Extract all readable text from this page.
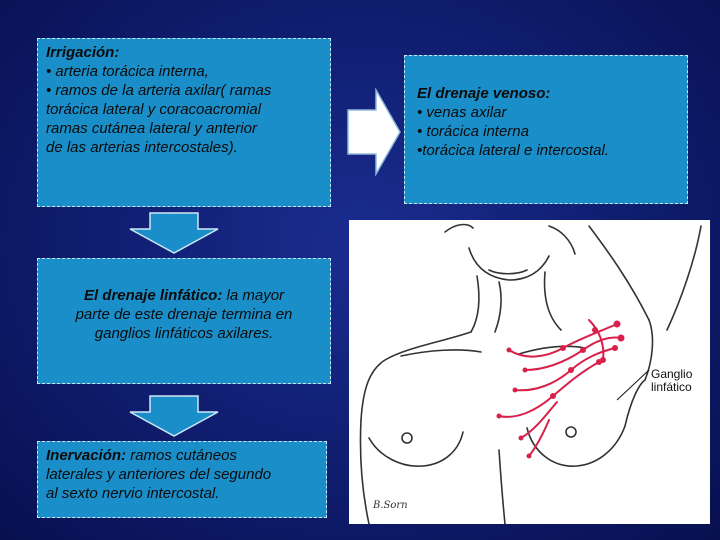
Irrigación:
• arteria torácica interna,
• ramos de la arteria axilar( ramas
torácica lateral y coracoacromial
ramas cutánea lateral y anterior
de las arterias intercostales).
El drenaje venoso:
• venas axilar
• torácica interna
•torácica lateral e intercostal.
El drenaje linfático: la mayor
parte de este drenaje termina en
ganglios linfáticos axilares.
Inervación: ramos cutáneos
laterales y anteriores del segundo
al sexto nervio intercostal.
Ganglio
linfático
B.Sorn
